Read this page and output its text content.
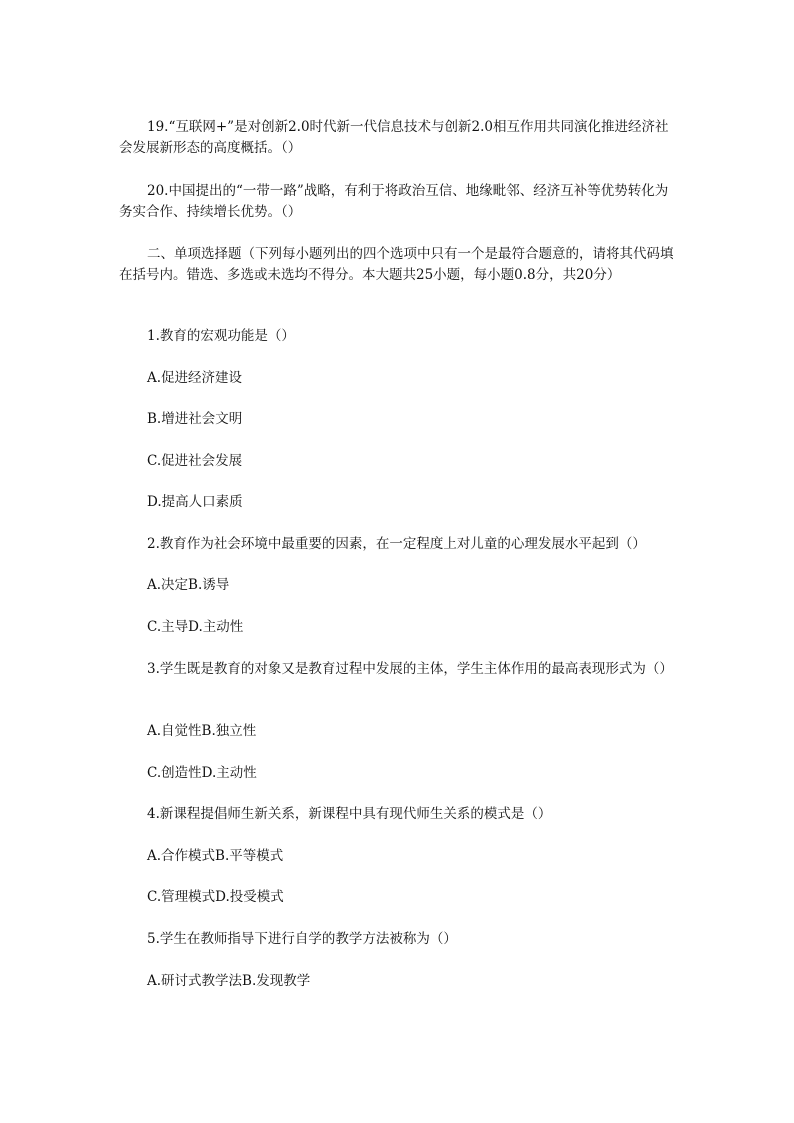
19.“互联网+”是对创新2.0时代新一代信息技术与创新2.0相互作用共同演化推进经济社会发展新形态的高度概括。（）

20.中国提出的“一带一路”战略，有利于将政治互信、地缘毗邻、经济互补等优势转化为务实合作、持续增长优势。（）

二、单项选择题（下列每小题列出的四个选项中只有一个是最符合题意的，请将其代码填在括号内。错选、多选或未选均不得分。本大题共25小题，每小题0.8分，共20分）

1.教育的宏观功能是（）
A.促进经济建设
B.增进社会文明
C.促进社会发展
D.提高人口素质
2.教育作为社会环境中最重要的因素，在一定程度上对儿童的心理发展水平起到（）
A.决定B.诱导
C.主导D.主动性

3.学生既是教育的对象又是教育过程中发展的主体，学生主体作用的最高表现形式为（）

A.自觉性B.独立性
C.创造性D.主动性
4.新课程提倡师生新关系，新课程中具有现代师生关系的模式是（）
A.合作模式B.平等模式
C.管理模式D.投受模式
5.学生在教师指导下进行自学的教学方法被称为（）
A.研讨式教学法B.发现教学
